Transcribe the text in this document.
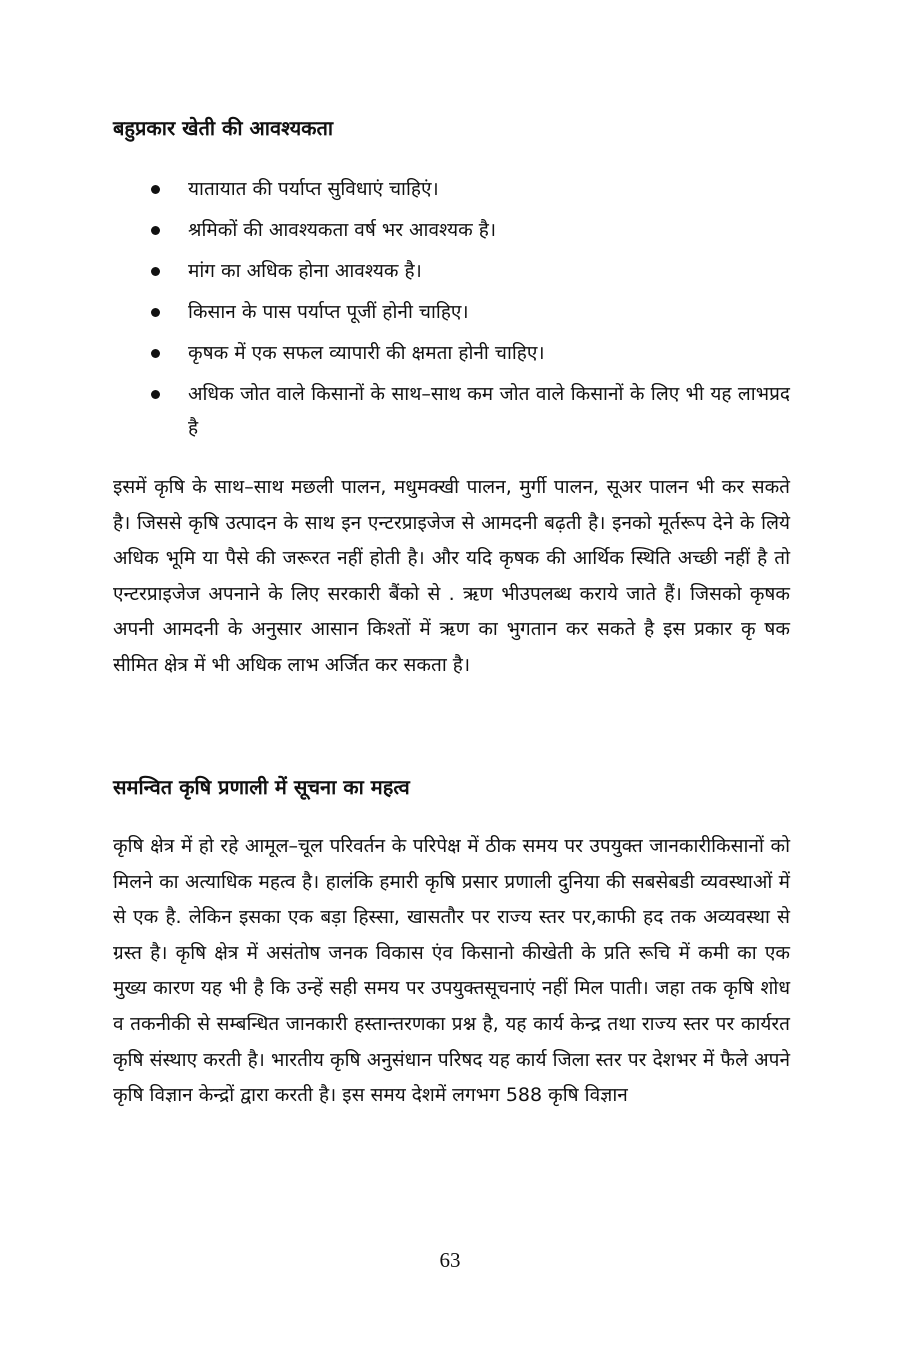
बहुप्रकार खेती की आवश्यकता
यातायात की पर्याप्त सुविधाएं चाहिएं।
श्रमिकों की आवश्यकता वर्ष भर आवश्यक है।
मांग का अधिक होना आवश्यक है।
किसान के पास पर्याप्त पूजीं होनी चाहिए।
कृषक में एक सफल व्यापारी की क्षमता होनी चाहिए।
अधिक जोत वाले किसानों के साथ–साथ कम जोत वाले किसानों के लिए भी यह लाभप्रद है

इसमें कृषि के साथ–साथ मछली पालन, मधुमक्खी पालन, मुर्गी पालन, सूअर पालन भी कर सकते है। जिससे कृषि उत्पादन के साथ इन एन्टरप्राइजेज से आमदनी बढ़ती है। इनको मूर्तरूप देने के लिये अधिक भूमि या पैसे की जरूरत नहीं होती है। और यदि कृषक की आर्थिक स्थिति अच्छी नहीं है तो एन्टरप्राइजेज अपनाने के लिए सरकारी बैंको से . ऋण भीउपलब्ध कराये जाते हैं। जिसको कृषक अपनी आमदनी के अनुसार आसान किश्तों में ऋण का भुगतान कर सकते है इस प्रकार कृ षक सीमित क्षेत्र में भी अधिक लाभ अर्जित कर सकता है।

समन्वित कृषि प्रणाली में सूचना का महत्व

कृषि क्षेत्र में हो रहे आमूल–चूल परिवर्तन के परिपेक्ष में ठीक समय पर उपयुक्त जानकारीकिसानों को मिलने का अत्याधिक महत्व है। हालंकि हमारी कृषि प्रसार प्रणाली दुनिया की सबसेबडी व्यवस्थाओं में से एक है. लेकिन इसका एक बड़ा हिस्सा, खासतौर पर राज्य स्तर पर,काफी हद तक अव्यवस्था से ग्रस्त है। कृषि क्षेत्र में असंतोष जनक विकास एंव किसानो कीखेती के प्रति रूचि में कमी का एक मुख्य कारण यह भी है कि उन्हें सही समय पर उपयुक्तसूचनाएं नहीं मिल पाती। जहा तक कृषि शोध व तकनीकी से सम्बन्धित जानकारी हस्तान्तरणका प्रश्न है, यह कार्य केन्द्र तथा राज्य स्तर पर कार्यरत कृषि संस्थाए करती है। भारतीय कृषि अनुसंधान परिषद यह कार्य जिला स्तर पर देशभर में फैले अपने कृषि विज्ञान केन्द्रों द्वारा करती है। इस समय देशमें लगभग 588 कृषि विज्ञान

63
